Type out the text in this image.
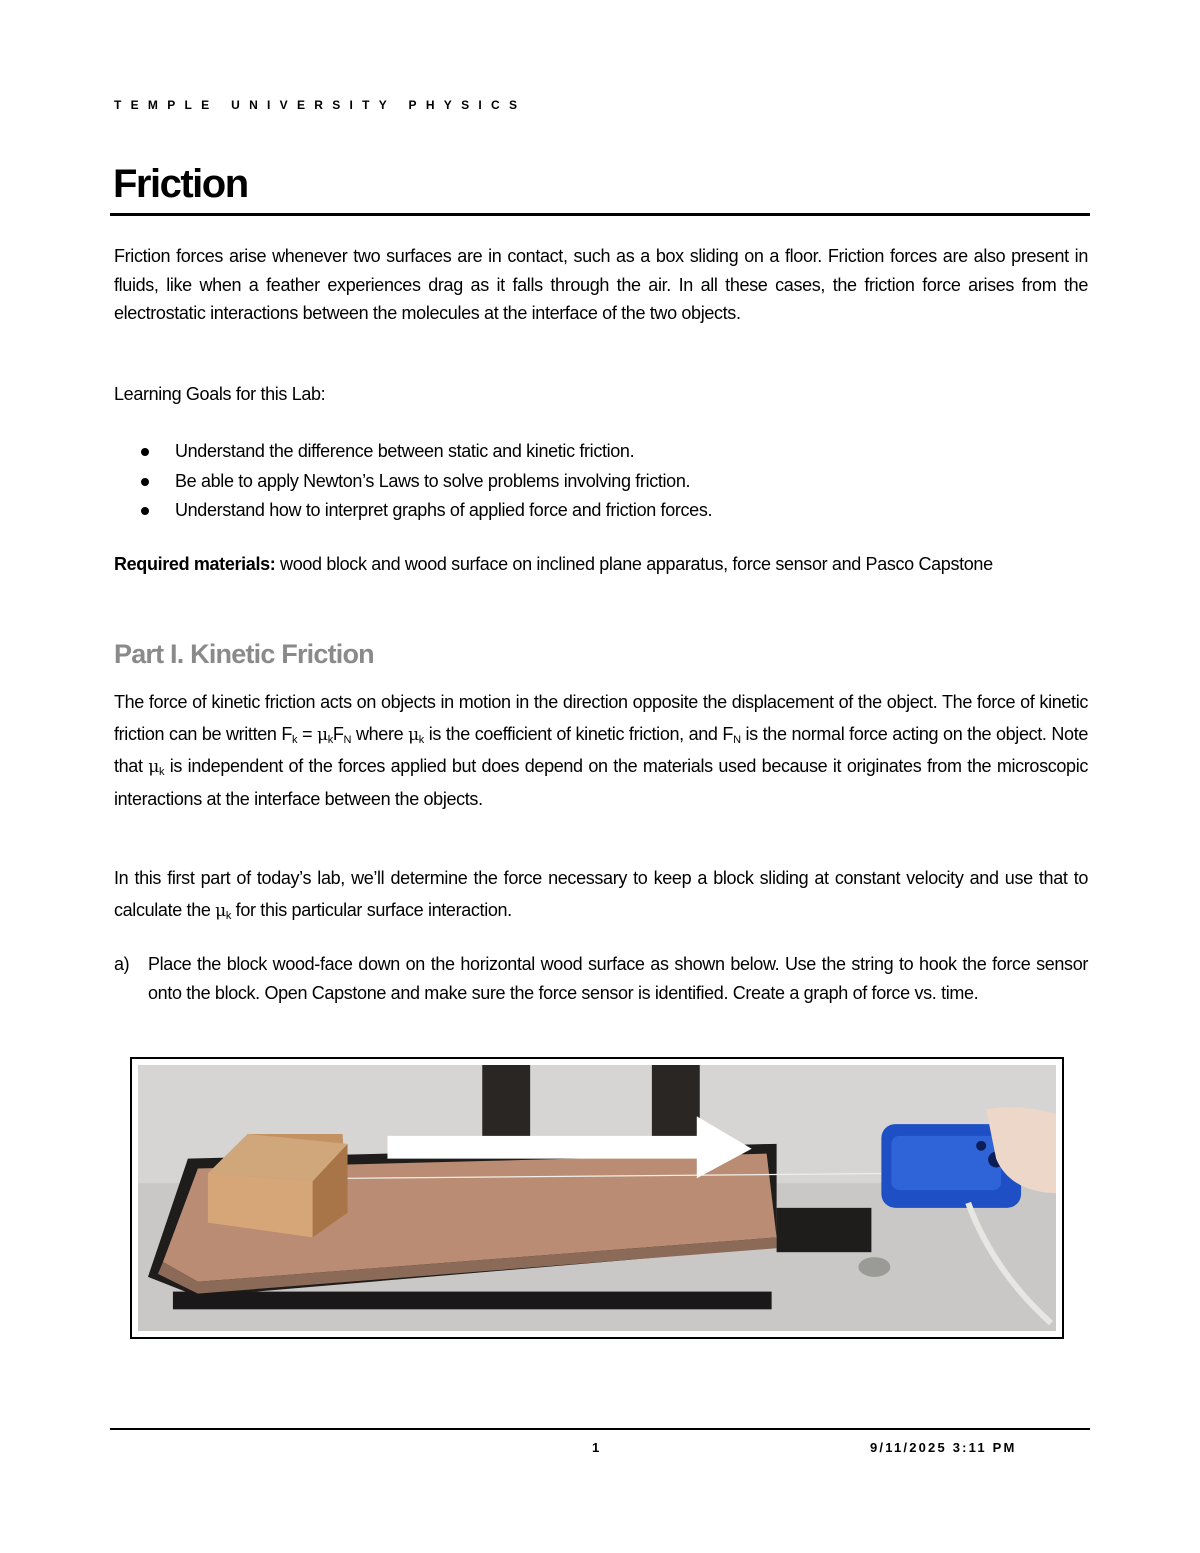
TEMPLE UNIVERSITY PHYSICS
Friction

Friction forces arise whenever two surfaces are in contact, such as a box sliding on a floor. Friction forces are also present in fluids, like when a feather experiences drag as it falls through the air. In all these cases, the friction force arises from the electrostatic interactions between the molecules at the interface of the two objects.

Learning Goals for this Lab:

Understand the difference between static and kinetic friction.
Be able to apply Newton’s Laws to solve problems involving friction.
Understand how to interpret graphs of applied force and friction forces.

Required materials: wood block and wood surface on inclined plane apparatus, force sensor and Pasco Capstone

Part I. Kinetic Friction

The force of kinetic friction acts on objects in motion in the direction opposite the displacement of the object. The force of kinetic friction can be written $F_k = \mu_kF_N$ where $\mu_k$ is the coefficient of kinetic friction, and $F_N$ is the normal force acting on the object. Note that $\mu_k$ is independent of the forces applied but does depend on the materials used because it originates from the microscopic interactions at the interface between the objects.

In this first part of today’s lab, we’ll determine the force necessary to keep a block sliding at constant velocity and use that to calculate the $\mu_k$ for this particular surface interaction.

a) Place the block wood-face down on the horizontal wood surface as shown below. Use the string to hook the force sensor onto the block. Open Capstone and make sure the force sensor is identified. Create a graph of force vs. time.
1	9/11/2025 3:11 PM
